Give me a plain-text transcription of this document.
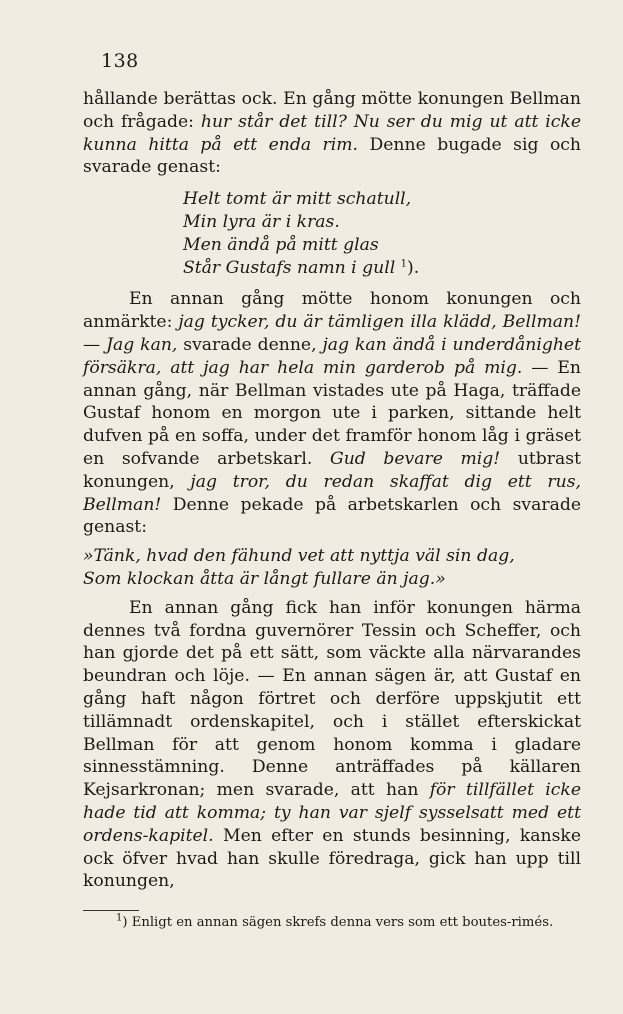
138

hållande berättas ock. En gång mötte konungen Bellman och frågade: hur står det till? Nu ser du mig ut att icke kunna hitta på ett enda rim. Denne bugade sig och svarade genast:

Helt tomt är mitt schatull,
Min lyra är i kras.
Men ändå på mitt glas
Står Gustafs namn i gull $^1$).

En annan gång mötte honom konungen och anmärkte: jag tycker, du är tämligen illa klädd, Bellman! — Jag kan, svarade denne, jag kan ändå i underdånighet försäkra, att jag har hela min garderob på mig. — En annan gång, när Bellman vistades ute på Haga, träffade Gustaf honom en morgon ute i parken, sittande helt dufven på en soffa, under det framför honom låg i gräset en sofvande arbetskarl. Gud bevare mig! utbrast konungen, jag tror, du redan skaffat dig ett rus, Bellman! Denne pekade på arbetskarlen och svarade genast:

»Tänk, hvad den fähund vet att nyttja väl sin dag,
Som klockan åtta är långt fullare än jag.»

En annan gång fick han inför konungen härma dennes två fordna guvernörer Tessin och Scheffer, och han gjorde det på ett sätt, som väckte alla närvarandes beundran och löje. — En annan sägen är, att Gustaf en gång haft någon förtret och derföre uppskjutit ett tillämnadt ordenskapitel, och i stället efterskickat Bellman för att genom honom komma i gladare sinnesstämning. Denne anträffades på källaren Kejsarkronan; men svarade, att han för tillfället icke hade tid att komma; ty han var sjelf sysselsatt med ett ordens-kapitel. Men efter en stunds besinning, kanske ock öfver hvad han skulle föredraga, gick han upp till konungen,

$^1$) Enligt en annan sägen skrefs denna vers som ett boutes-rimés.
